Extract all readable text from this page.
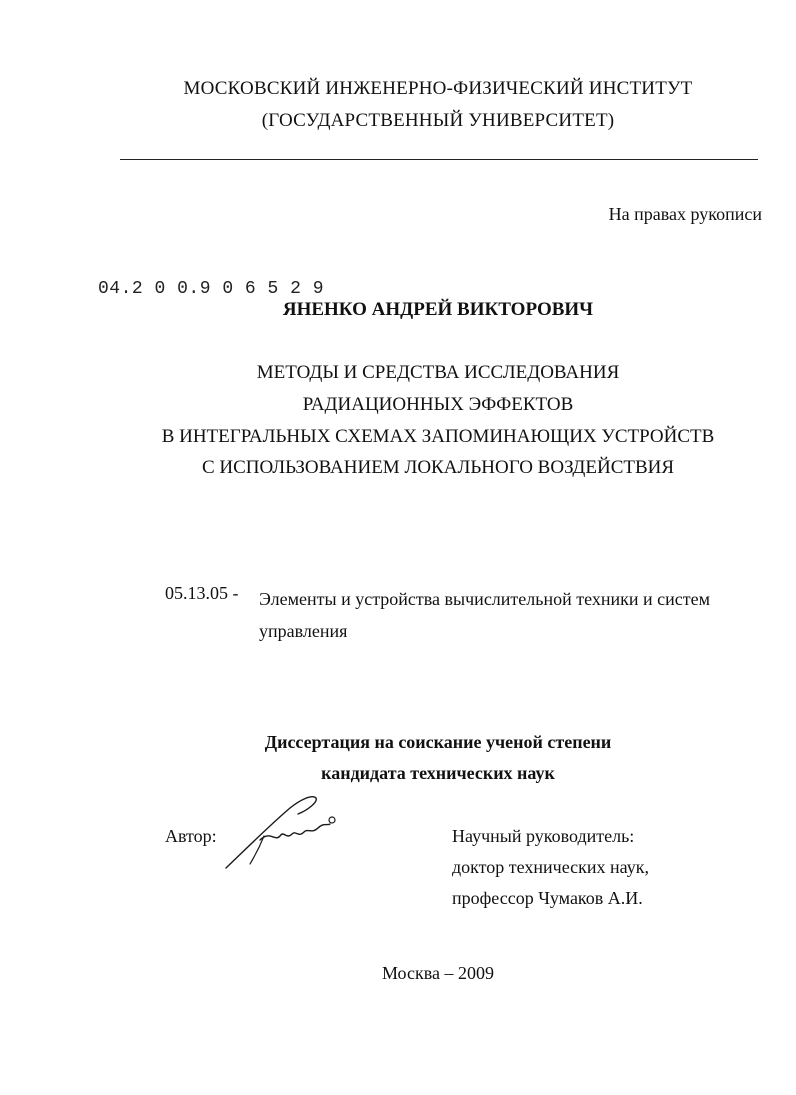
МОСКОВСКИЙ ИНЖЕНЕРНО-ФИЗИЧЕСКИЙ ИНСТИТУТ
(ГОСУДАРСТВЕННЫЙ УНИВЕРСИТЕТ)
На правах рукописи
04.2 0 0.9 0 6 5 2 9
ЯНЕНКО АНДРЕЙ ВИКТОРОВИЧ
МЕТОДЫ И СРЕДСТВА ИССЛЕДОВАНИЯ
РАДИАЦИОННЫХ ЭФФЕКТОВ
В ИНТЕГРАЛЬНЫХ СХЕМАХ ЗАПОМИНАЮЩИХ УСТРОЙСТВ
С ИСПОЛЬЗОВАНИЕМ ЛОКАЛЬНОГО ВОЗДЕЙСТВИЯ
05.13.05 - Элементы и устройства вычислительной техники и систем управления
Диссертация на соискание ученой степени
кандидата технических наук
Автор:	Научный руководитель:
доктор технических наук,
профессор Чумаков А.И.
Москва – 2009
